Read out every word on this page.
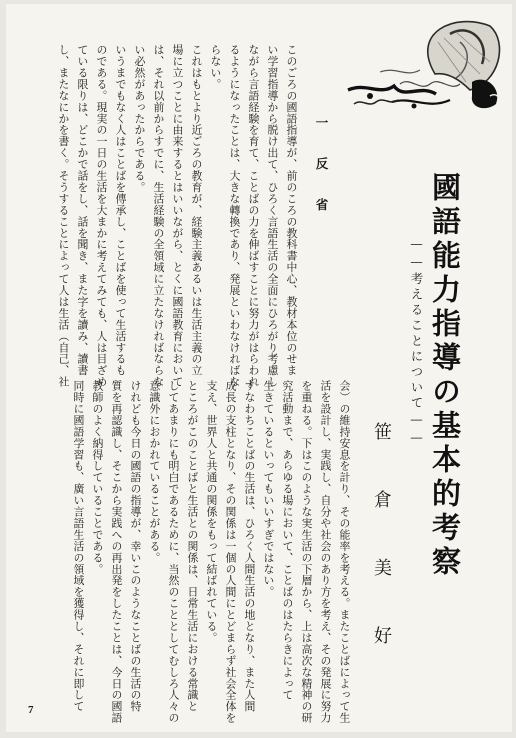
國語能力指導の基本的考察
——考えることについて——
笹　倉　美　好
一　反　省
このごろの國語指導が、前のころの教科書中心、教材本位のせま
い学習指導から脱け出て、ひろく言語生活の全面にひろがり考慮し
ながら言語経験を育て、ことばの力を伸ばすことに努力がはらわれ
るようになったことは、大きな轉換であり、発展といわなければな
らない。
これはもとより近ごろの教育が、経験主義あるいは生活主義の立
場に立つことに由来するとはいいながら、とくに國語教育において
は、それ以前からすでに、生活経験の全領域に立たなければならな
い必然があったからである。
いうまでもなく人はことばを傳承し、ことばを使って生活するも
のである。現実の一日の生活を大まかに考えてみても、人は目ざめ
ている限りは、どこかで話をし、話を聞き、また字を讀み、讀書
し、またなにかを書く。そうすることによって人は生活（自己、社
会）の維持安息を計り、その能率を考える。またことばによって生
活を設計し、実践し、自分や社会のあり方を考え、その発展に努力
を重ねる。下はこのような実生活の下層から、上は高次な精神の研
究活動まで、あらゆる場において、ことばのはたらきによって
生きているといってもいいすぎではない。
すなわちことばの生活は、ひろく人間生活の地となり、また人間
成長の支柱となり、その関係は一個の人間にとどまらず社会全体を
支え、世界人と共通の関係をもって結ばれている。
ところがこのことばと生活との関係は、日常生活における常識と
してあまりにも明白であるために、当然のこととしてむしろ人々の
意識外におかれていることがある。
けれども今日の國語の指導が、幸いこのようなことばの生活の特
質を再認識し、そこから実践への再出発をしたことは、今日の國語
教師のよく納得していることである。
同時に國語学習も、廣い言語生活の領域を獲得し、それに即して
7
